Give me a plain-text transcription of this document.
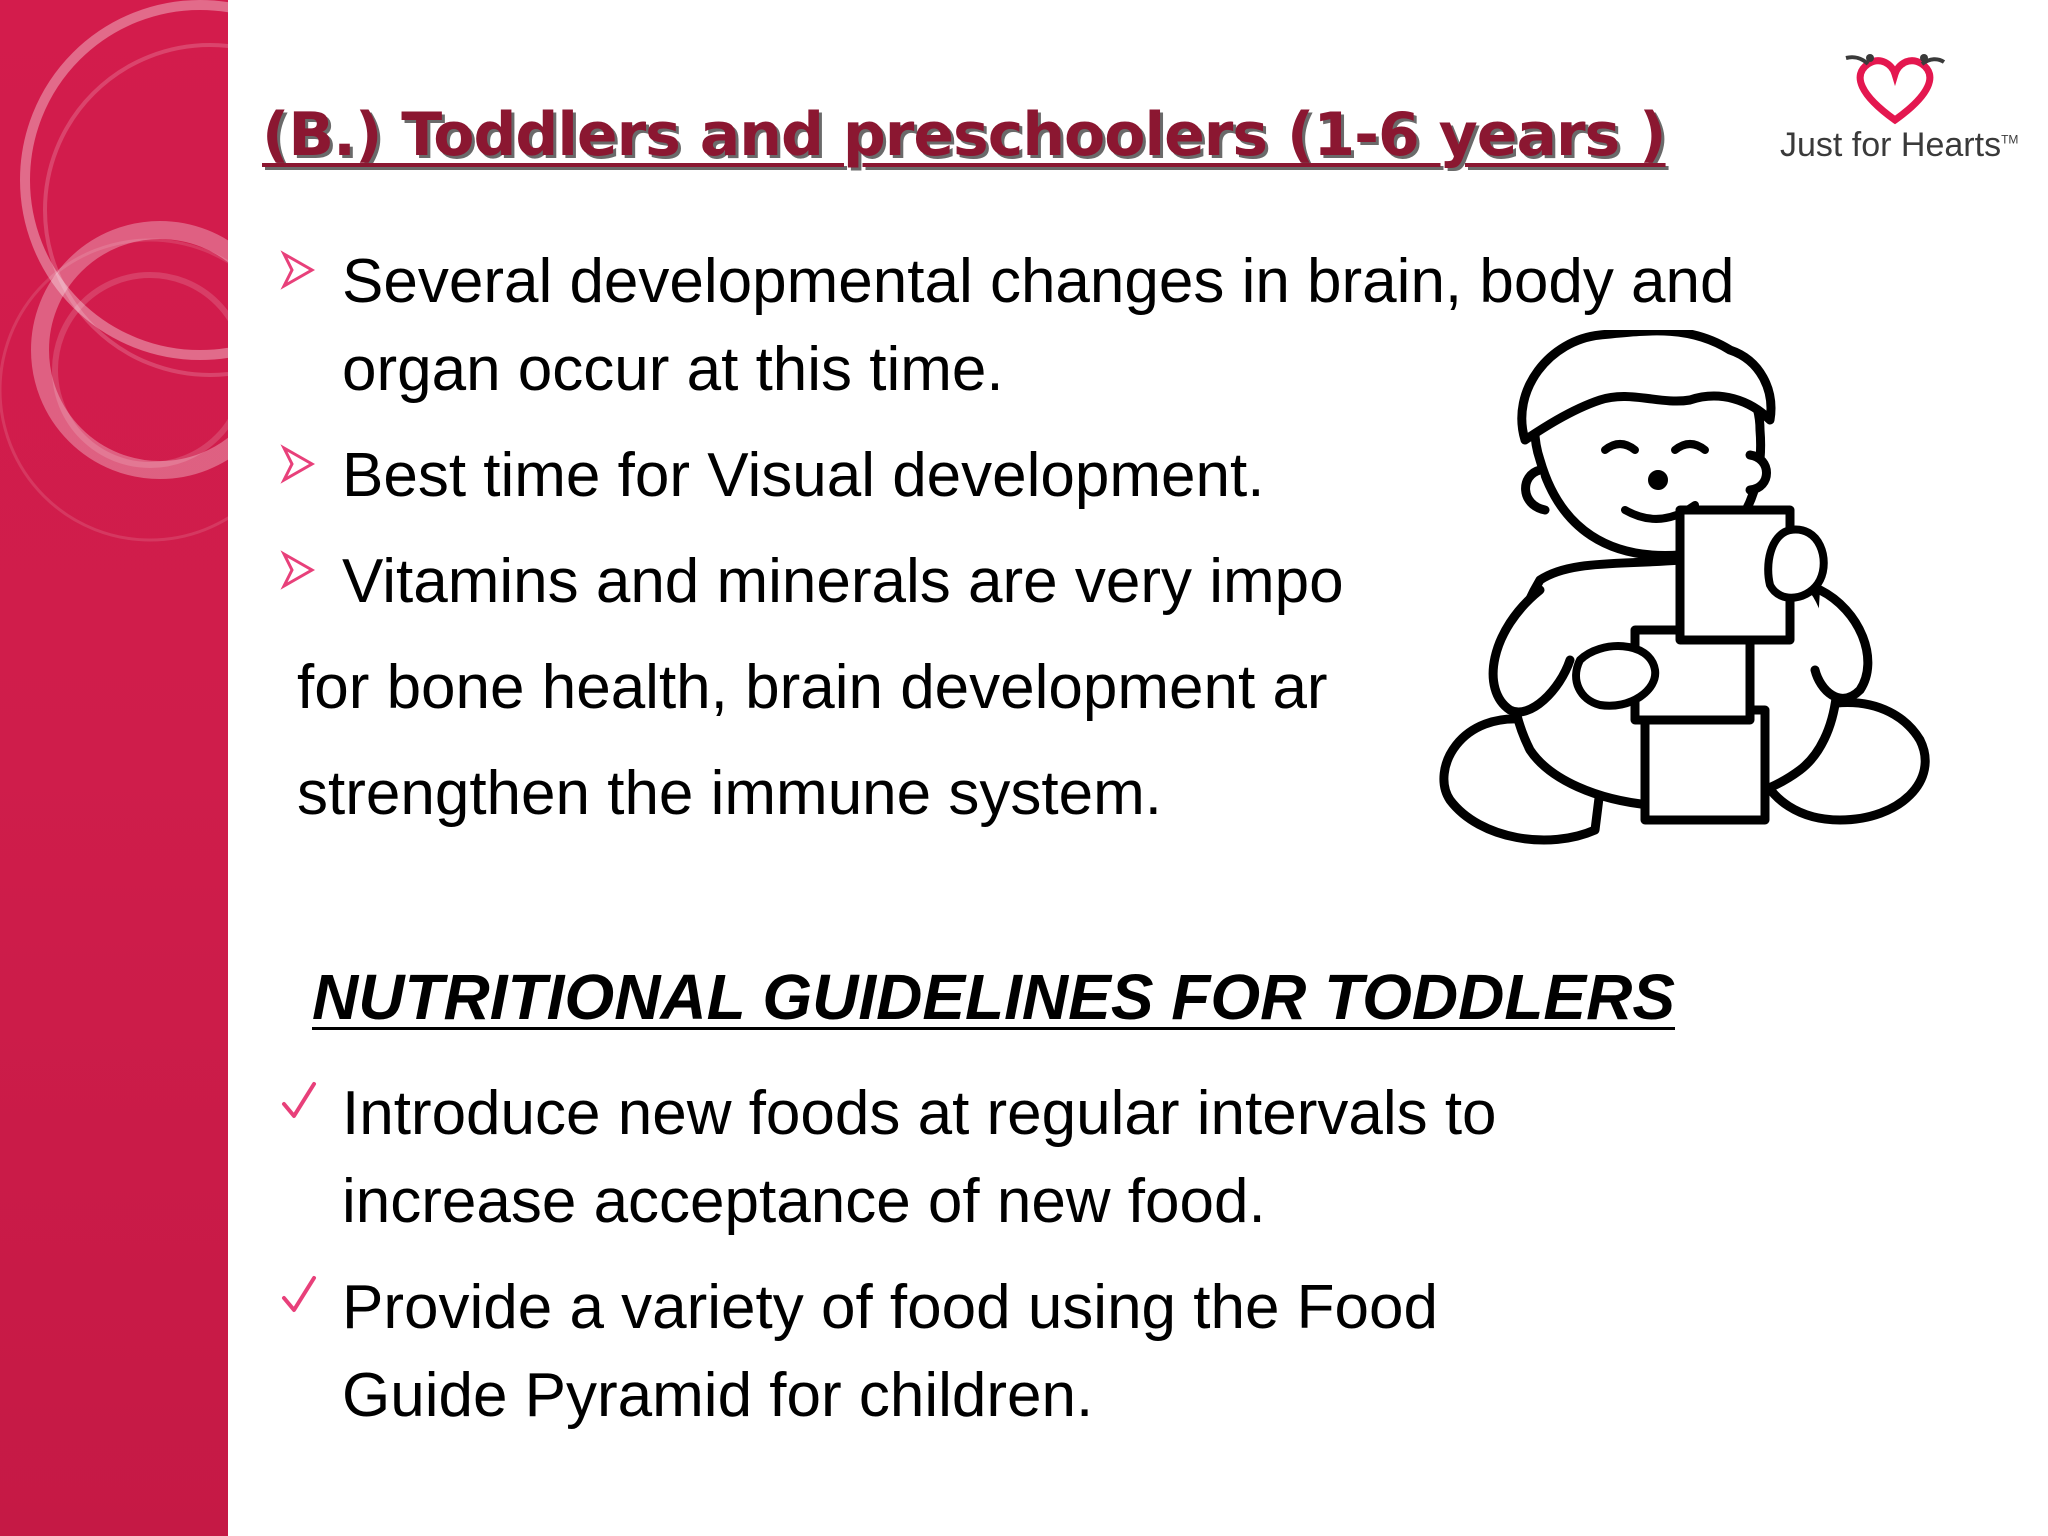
(B.) Toddlers and preschoolers (1-6 years )	Just for Hearts™
Several developmental changes in brain, body and organ occur at this time.
Best time for Visual development.
Vitamins and minerals are very impo
for bone health, brain development ar
strengthen the immune system.
NUTRITIONAL GUIDELINES FOR TODDLERS
Introduce new foods at regular intervals to increase acceptance of new food.
Provide a variety of food using the Food Guide Pyramid for children.
